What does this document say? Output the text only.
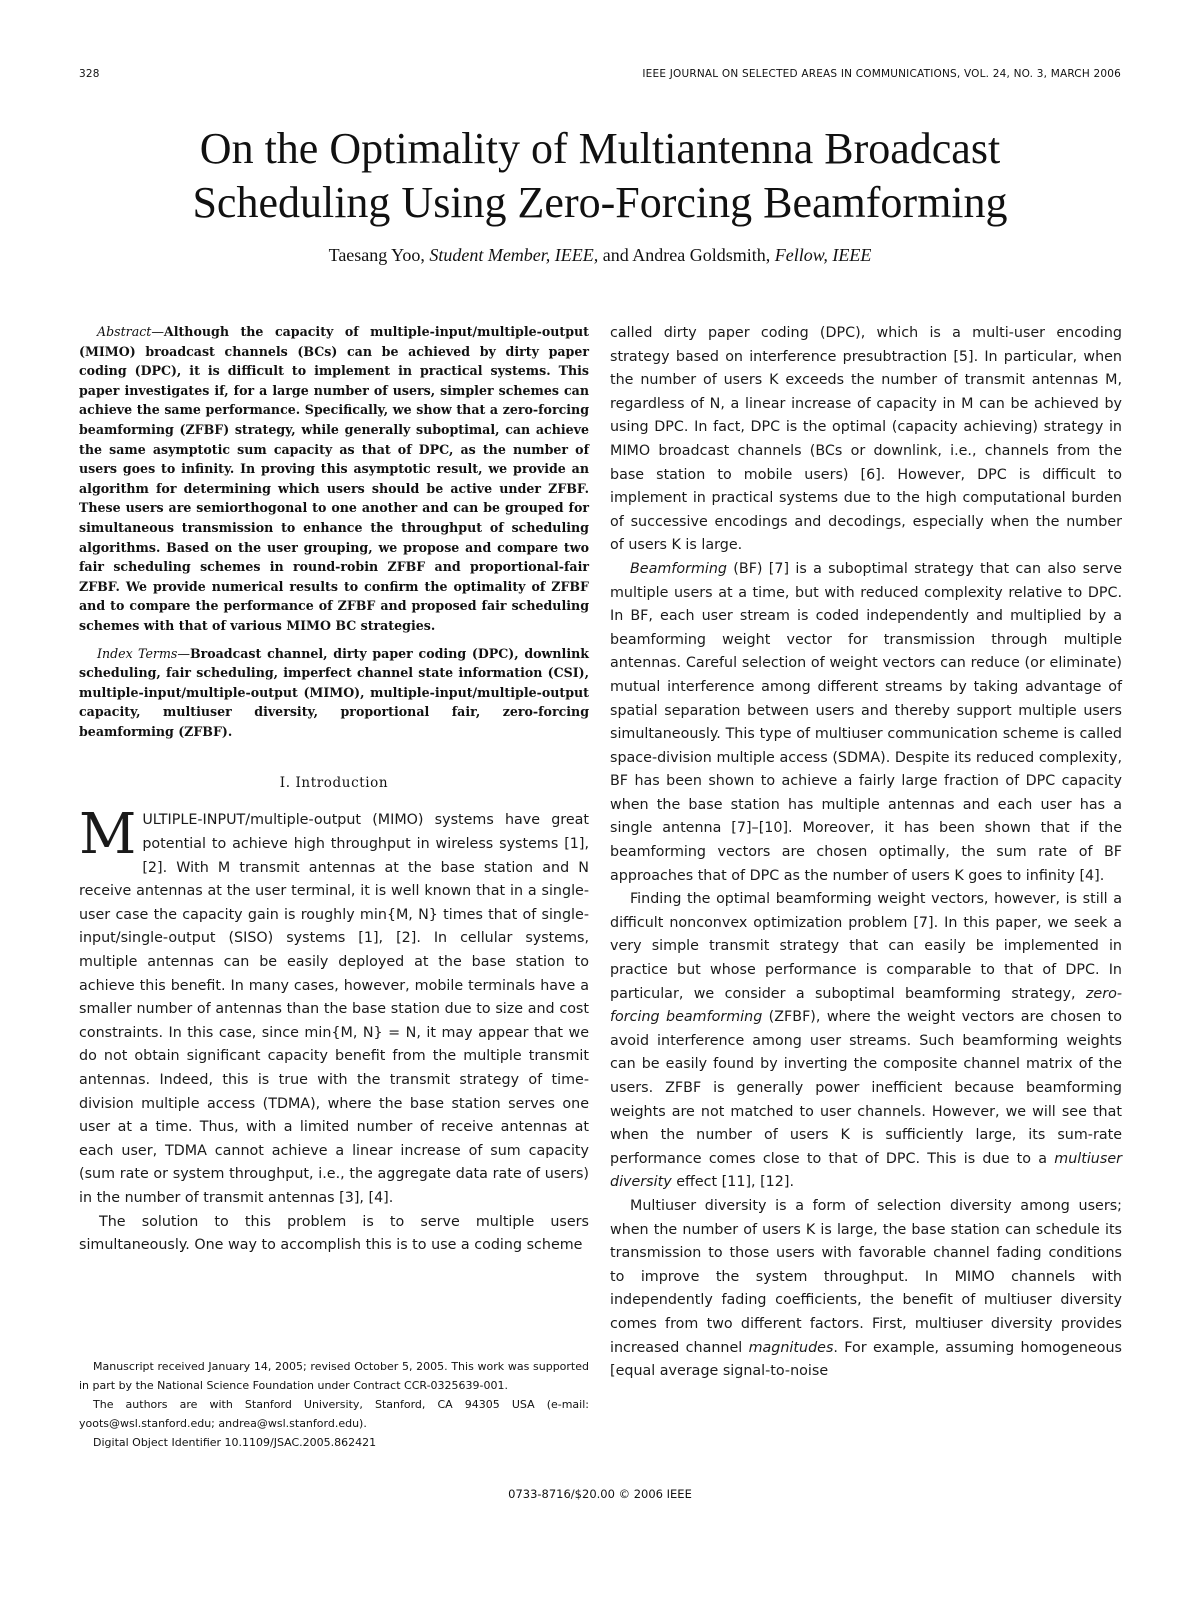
328	IEEE JOURNAL ON SELECTED AREAS IN COMMUNICATIONS, VOL. 24, NO. 3, MARCH 2006
On the Optimality of Multiantenna Broadcast
Scheduling Using Zero-Forcing Beamforming
Taesang Yoo, Student Member, IEEE, and Andrea Goldsmith, Fellow, IEEE

Abstract—Although the capacity of multiple-input/multiple-output (MIMO) broadcast channels (BCs) can be achieved by dirty paper coding (DPC), it is difficult to implement in practical systems. This paper investigates if, for a large number of users, simpler schemes can achieve the same performance. Specifically, we show that a zero-forcing beamforming (ZFBF) strategy, while generally suboptimal, can achieve the same asymptotic sum capacity as that of DPC, as the number of users goes to infinity. In proving this asymptotic result, we provide an algorithm for determining which users should be active under ZFBF. These users are semiorthogonal to one another and can be grouped for simultaneous transmission to enhance the throughput of scheduling algorithms. Based on the user grouping, we propose and compare two fair scheduling schemes in round-robin ZFBF and proportional-fair ZFBF. We provide numerical results to confirm the optimality of ZFBF and to compare the performance of ZFBF and proposed fair scheduling schemes with that of various MIMO BC strategies.

Index Terms—Broadcast channel, dirty paper coding (DPC), downlink scheduling, fair scheduling, imperfect channel state information (CSI), multiple-input/multiple-output (MIMO), multiple-input/multiple-output capacity, multiuser diversity, proportional fair, zero-forcing beamforming (ZFBF).

I. Introduction

MULTIPLE-INPUT/multiple-output (MIMO) systems have great potential to achieve high throughput in wireless systems [1], [2]. With M transmit antennas at the base station and N receive antennas at the user terminal, it is well known that in a single-user case the capacity gain is roughly min{M, N} times that of single-input/single-output (SISO) systems [1], [2]. In cellular systems, multiple antennas can be easily deployed at the base station to achieve this benefit. In many cases, however, mobile terminals have a smaller number of antennas than the base station due to size and cost constraints. In this case, since min{M, N} = N, it may appear that we do not obtain significant capacity benefit from the multiple transmit antennas. Indeed, this is true with the transmit strategy of time-division multiple access (TDMA), where the base station serves one user at a time. Thus, with a limited number of receive antennas at each user, TDMA cannot achieve a linear increase of sum capacity (sum rate or system throughput, i.e., the aggregate data rate of users) in the number of transmit antennas [3], [4].

The solution to this problem is to serve multiple users simultaneously. One way to accomplish this is to use a coding scheme

Manuscript received January 14, 2005; revised October 5, 2005. This work was supported in part by the National Science Foundation under Contract CCR-0325639-001.

The authors are with Stanford University, Stanford, CA 94305 USA (e-mail: yoots@wsl.stanford.edu; andrea@wsl.stanford.edu).

Digital Object Identifier 10.1109/JSAC.2005.862421

called dirty paper coding (DPC), which is a multi-user encoding strategy based on interference presubtraction [5]. In particular, when the number of users K exceeds the number of transmit antennas M, regardless of N, a linear increase of capacity in M can be achieved by using DPC. In fact, DPC is the optimal (capacity achieving) strategy in MIMO broadcast channels (BCs or downlink, i.e., channels from the base station to mobile users) [6]. However, DPC is difficult to implement in practical systems due to the high computational burden of successive encodings and decodings, especially when the number of users K is large.

Beamforming (BF) [7] is a suboptimal strategy that can also serve multiple users at a time, but with reduced complexity relative to DPC. In BF, each user stream is coded independently and multiplied by a beamforming weight vector for transmission through multiple antennas. Careful selection of weight vectors can reduce (or eliminate) mutual interference among different streams by taking advantage of spatial separation between users and thereby support multiple users simultaneously. This type of multiuser communication scheme is called space-division multiple access (SDMA). Despite its reduced complexity, BF has been shown to achieve a fairly large fraction of DPC capacity when the base station has multiple antennas and each user has a single antenna [7]–[10]. Moreover, it has been shown that if the beamforming vectors are chosen optimally, the sum rate of BF approaches that of DPC as the number of users K goes to infinity [4].

Finding the optimal beamforming weight vectors, however, is still a difficult nonconvex optimization problem [7]. In this paper, we seek a very simple transmit strategy that can easily be implemented in practice but whose performance is comparable to that of DPC. In particular, we consider a suboptimal beamforming strategy, zero-forcing beamforming (ZFBF), where the weight vectors are chosen to avoid interference among user streams. Such beamforming weights can be easily found by inverting the composite channel matrix of the users. ZFBF is generally power inefficient because beamforming weights are not matched to user channels. However, we will see that when the number of users K is sufficiently large, its sum-rate performance comes close to that of DPC. This is due to a multiuser diversity effect [11], [12].

Multiuser diversity is a form of selection diversity among users; when the number of users K is large, the base station can schedule its transmission to those users with favorable channel fading conditions to improve the system throughput. In MIMO channels with independently fading coefficients, the benefit of multiuser diversity comes from two different factors. First, multiuser diversity provides increased channel magnitudes. For example, assuming homogeneous [equal average signal-to-noise

0733-8716/$20.00 © 2006 IEEE
